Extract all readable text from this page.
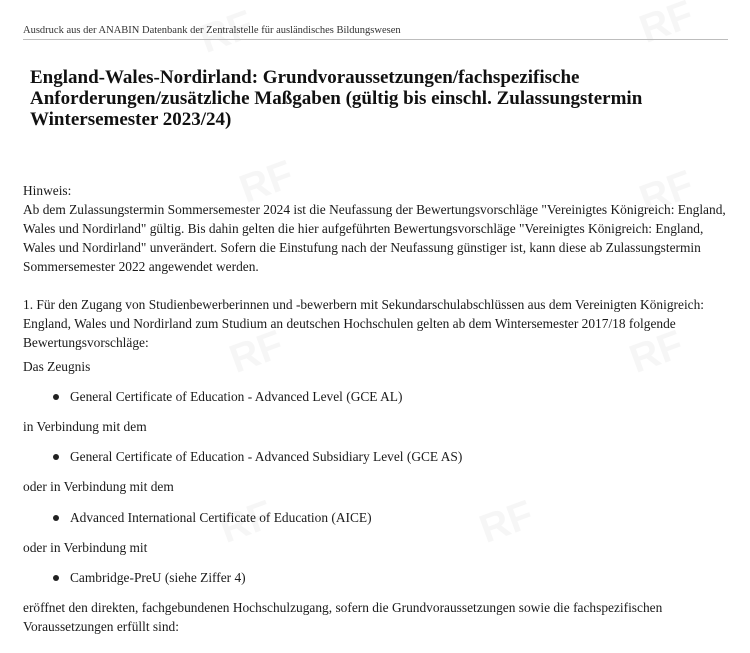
Ausdruck aus der ANABIN Datenbank der Zentralstelle für ausländisches Bildungswesen
England-Wales-Nordirland: Grundvoraussetzungen/fachspezifische Anforderungen/zusätzliche Maßgaben (gültig bis einschl. Zulassungstermin Wintersemester 2023/24)

Hinweis:

Ab dem Zulassungstermin Sommersemester 2024 ist die Neufassung der Bewertungsvorschläge "Vereinigtes Königreich: England, Wales und Nordirland" gültig. Bis dahin gelten die hier aufgeführten Bewertungsvorschläge "Vereinigtes Königreich: England, Wales und Nordirland" unverändert. Sofern die Einstufung nach der Neufassung günstiger ist, kann diese ab Zulassungstermin Sommersemester 2022 angewendet werden.

1. Für den Zugang von Studienbewerberinnen und -bewerbern mit Sekundarschulabschlüssen aus dem Vereinigten Königreich: England, Wales und Nordirland zum Studium an deutschen Hochschulen gelten ab dem Wintersemester 2017/18 folgende Bewertungsvorschläge:

Das Zeugnis

General Certificate of Education - Advanced Level (GCE AL)

in Verbindung mit dem

General Certificate of Education - Advanced Subsidiary Level (GCE AS)

oder in Verbindung mit dem

Advanced International Certificate of Education (AICE)

oder in Verbindung mit

Cambridge-PreU (siehe Ziffer 4)

eröffnet den direkten, fachgebundenen Hochschulzugang, sofern die Grundvoraussetzungen sowie die fachspezifischen Voraussetzungen erfüllt sind:
